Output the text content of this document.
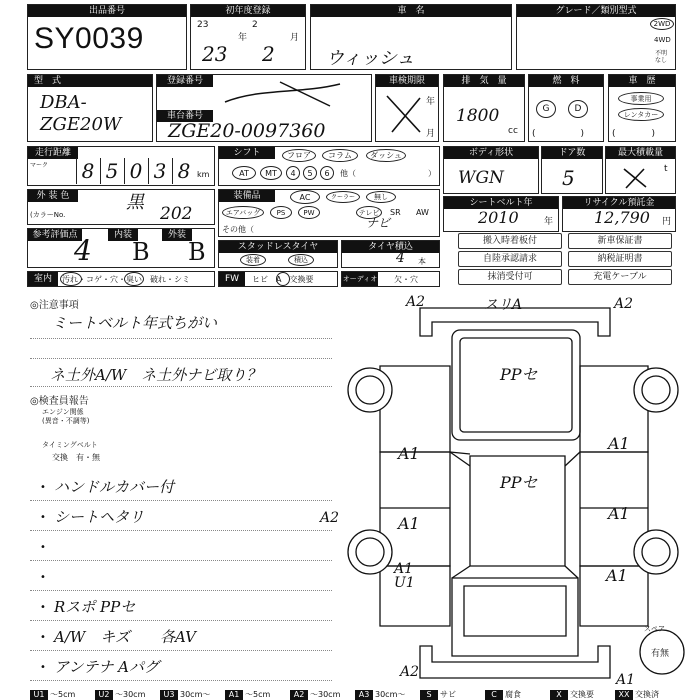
出品番号
SY0039
初年度登録
23
年
2
月
23 2
車　名
ウィッシュ
グレード／類別型式
2WD
4WD
不明
なし
型　式
DBA-
ZGE20W
登録番号
車台番号
ZGE20-0097360
車検期限
年
月
排　気　量
1800
cc
燃　料
G	D
(　　　　　)
車　歴
事業用
レンタカー
(　　　　)
走行距離
マーク 8 5 0 3 8 km
シフト	フロア	コラム	ダッシュ
AT	MT	4	5	6	他（	）
ボディ形状
WGN
ドア数
5
最大積載量
t
外 装 色	黒
(カラーNo.	202
装備品	AC	クーラー	無し
エアバッグ	PS	PW	テレビ	SR AW
その他（	ナビ
シートベルト年
2010	年
リサイクル預託金
12,790 円
参考評価点
4	内装
B
外装
B	スタッドレスタイヤ
装着	積込
タイヤ積込
4 本
搬入時着板付	新車保証書
自陸承認請求	納税証明書
抹消受付可	充電ケーブル
室内	汚れ・コゲ・穴・臭い　破れ・シミ	FW	ヒビ　A　交換要	オーディオ 欠・穴
◎注意事項
ミートベルト年式ちがい
ネ土外A/W　ネ土外ナビ取り？
◎検査員報告
エンジン関係
(異音・不調等)
タイミングベルト
交換　有・無
• ハンドルカバー付
• シートヘタリ
•
•
• Rスポ PPセ
• A/W　キズ　　各AV
• アンテナ Aパグ
A2	スリA	A2
PPセ
PPセ
A1
A1
A2
A1
U1
A1
A1
A1
A2	A1
スペア
有無
U1 ～5cm	U2 ～30cm	U3 30cm～	A1 ～5cm	A2 ～30cm	A3 30cm～	S	サビ	C	腐食	X	交換要	XX 交換済
